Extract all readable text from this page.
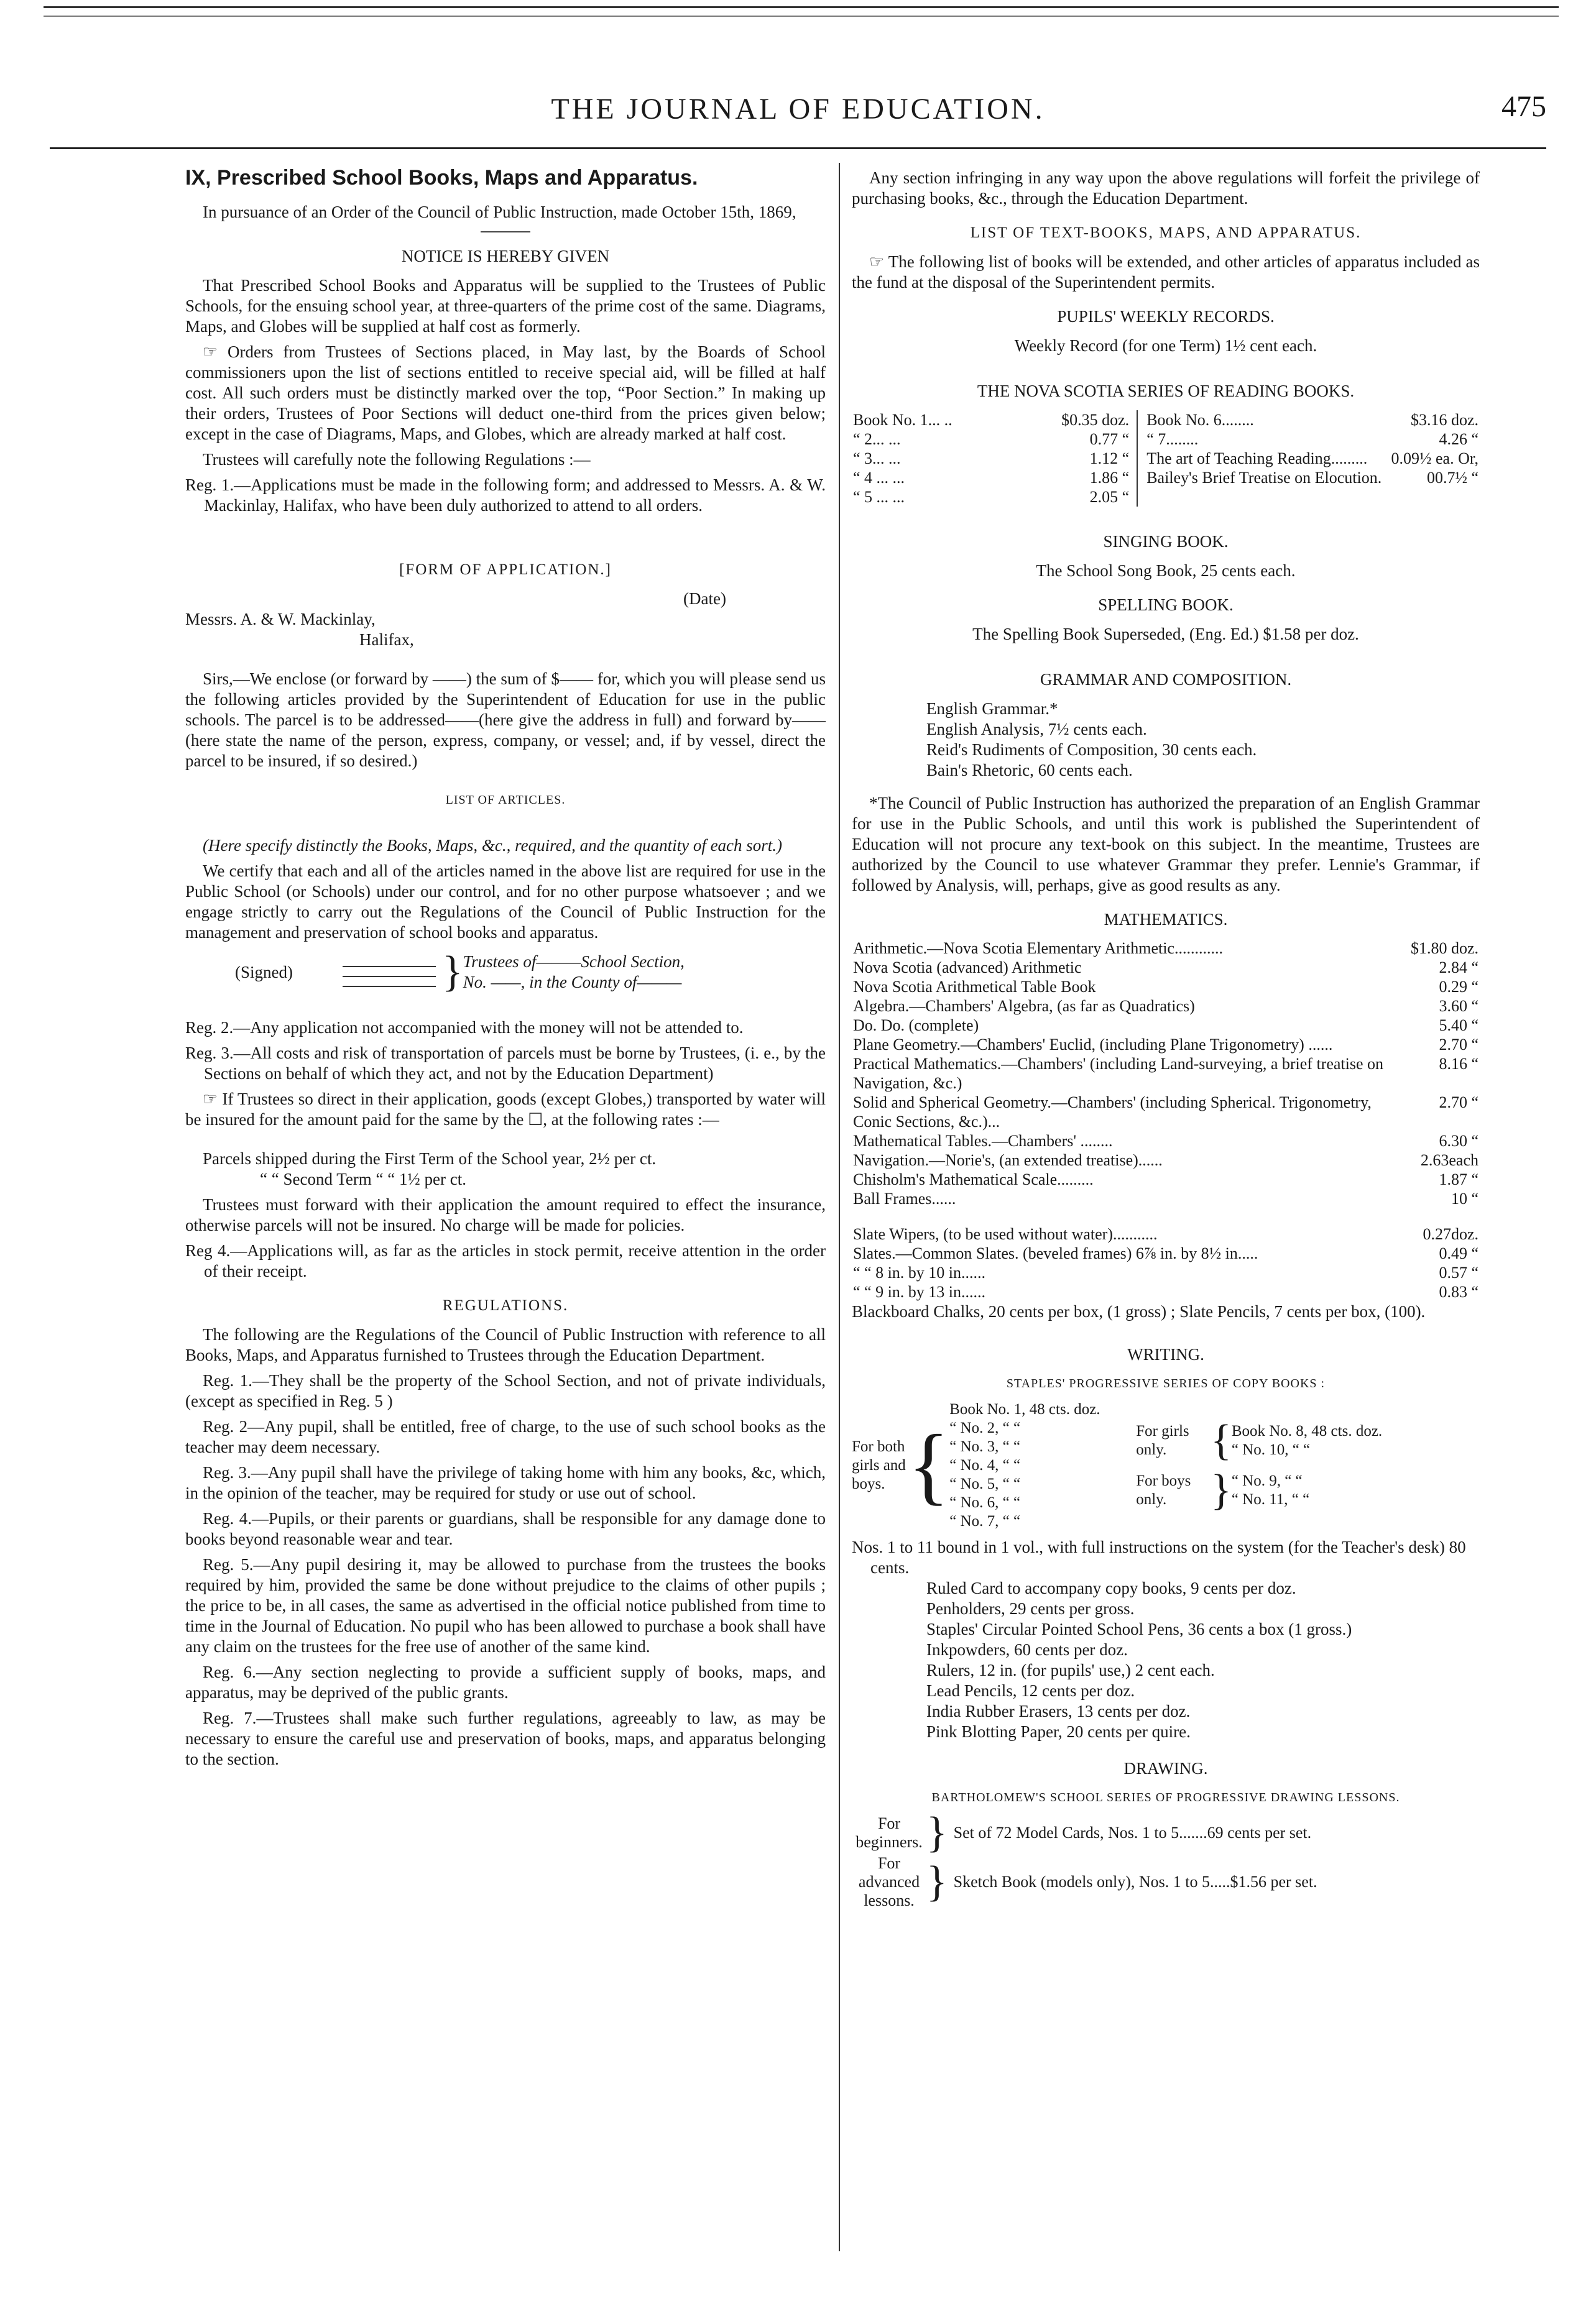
THE JOURNAL OF EDUCATION.	475
IX, Prescribed School Books, Maps and Apparatus.

In pursuance of an Order of the Council of Public Instruction, made October 15th, 1869,

NOTICE IS HEREBY GIVEN

That Prescribed School Books and Apparatus will be supplied to the Trustees of Public Schools, for the ensuing school year, at three-quarters of the prime cost of the same. Diagrams, Maps, and Globes will be supplied at half cost as formerly.

☞ Orders from Trustees of Sections placed, in May last, by the Boards of School commissioners upon the list of sections entitled to receive special aid, will be filled at half cost. All such orders must be distinctly marked over the top, “Poor Section.” In making up their orders, Trustees of Poor Sections will deduct one-third from the prices given below; except in the case of Diagrams, Maps, and Globes, which are already marked at half cost.

Trustees will carefully note the following Regulations :—

Reg. 1.—Applications must be made in the following form; and addressed to Messrs. A. & W. Mackinlay, Halifax, who have been duly authorized to attend to all orders.

[FORM OF APPLICATION.]
(Date)
Messrs. A. & W. Mackinlay,
Halifax,

Sirs,—We enclose (or forward by ——) the sum of $—— for, which you will please send us the following articles provided by the Superintendent of Education for use in the public schools. The parcel is to be addressed——(here give the address in full) and forward by——(here state the name of the person, express, company, or vessel; and, if by vessel, direct the parcel to be insured, if so desired.)

LIST OF ARTICLES.

(Here specify distinctly the Books, Maps, &c., required, and the quantity of each sort.)

We certify that each and all of the articles named in the above list are required for use in the Public School (or Schools) under our control, and for no other purpose whatsoever ; and we engage strictly to carry out the Regulations of the Council of Public Instruction for the management and preservation of school books and apparatus.

(Signed)	} Trustees of———School Section,
No. ——, in the County of———

Reg. 2.—Any application not accompanied with the money will not be attended to.

Reg. 3.—All costs and risk of transportation of parcels must be borne by Trustees, (i. e., by the Sections on behalf of which they act, and not by the Education Department)

☞ If Trustees so direct in their application, goods (except Globes,) transported by water will be insured for the amount paid for the same by the ☐, at the following rates :—

Parcels shipped during the First Term of the School year, 2½ per ct.

“ “ Second Term “ “ 1½ per ct.

Trustees must forward with their application the amount required to effect the insurance, otherwise parcels will not be insured. No charge will be made for policies.

Reg 4.—Applications will, as far as the articles in stock permit, receive attention in the order of their receipt.

REGULATIONS.

The following are the Regulations of the Council of Public Instruction with reference to all Books, Maps, and Apparatus furnished to Trustees through the Education Department.

Reg. 1.—They shall be the property of the School Section, and not of private individuals, (except as specified in Reg. 5 )

Reg. 2—Any pupil, shall be entitled, free of charge, to the use of such school books as the teacher may deem necessary.

Reg. 3.—Any pupil shall have the privilege of taking home with him any books, &c, which, in the opinion of the teacher, may be required for study or use out of school.

Reg. 4.—Pupils, or their parents or guardians, shall be responsible for any damage done to books beyond reasonable wear and tear.

Reg. 5.—Any pupil desiring it, may be allowed to purchase from the trustees the books required by him, provided the same be done without prejudice to the claims of other pupils ; the price to be, in all cases, the same as advertised in the official notice published from time to time in the Journal of Education. No pupil who has been allowed to purchase a book shall have any claim on the trustees for the free use of another of the same kind.

Reg. 6.—Any section neglecting to provide a sufficient supply of books, maps, and apparatus, may be deprived of the public grants.

Reg. 7.—Trustees shall make such further regulations, agreeably to law, as may be necessary to ensure the careful use and preservation of books, maps, and apparatus belonging to the section.

Any section infringing in any way upon the above regulations will forfeit the privilege of purchasing books, &c., through the Education Department.

LIST OF TEXT-BOOKS, MAPS, AND APPARATUS.

☞ The following list of books will be extended, and other articles of apparatus included as the fund at the disposal of the Superintendent permits.

PUPILS' WEEKLY RECORDS.
Weekly Record (for one Term) 1½ cent each.
THE NOVA SCOTIA SERIES OF READING BOOKS.
Book No. 1... ..	$0.35 doz.
“ 2... ...	0.77 “
“ 3... ...	1.12 “
“ 4 ... ...	1.86 “
“ 5 ... ...	2.05 “
Book No. 6........	$3.16 doz.
“ 7........	4.26 “
The art of Teaching Reading.........	0.09½ ea. Or,
Bailey's Brief Treatise on Elocution.	00.7½ “
SINGING BOOK.
The School Song Book, 25 cents each.
SPELLING BOOK.
The Spelling Book Superseded, (Eng. Ed.) $1.58 per doz.
GRAMMAR AND COMPOSITION.
English Grammar.*
English Analysis, 7½ cents each.
Reid's Rudiments of Composition, 30 cents each.
Bain's Rhetoric, 60 cents each.

*The Council of Public Instruction has authorized the preparation of an English Grammar for use in the Public Schools, and until this work is published the Superintendent of Education will not procure any text-book on this subject. In the meantime, Trustees are authorized by the Council to use whatever Grammar they prefer. Lennie's Grammar, if followed by Analysis, will, perhaps, give as good results as any.

MATHEMATICS.
Arithmetic.—Nova Scotia Elementary Arithmetic............	$1.80 doz.
Nova Scotia (advanced) Arithmetic	2.84 “
Nova Scotia Arithmetical Table Book	0.29 “
Algebra.—Chambers' Algebra, (as far as Quadratics)	3.60 “
Do. Do. (complete)	5.40 “
Plane Geometry.—Chambers' Euclid, (including Plane Trigonometry) ......	2.70 “
Practical Mathematics.—Chambers' (including Land-surveying, a brief treatise on Navigation, &c.)	8.16 “
Solid and Spherical Geometry.—Chambers' (including Spherical. Trigonometry, Conic Sections, &c.)...	2.70 “
Mathematical Tables.—Chambers' ........	6.30 “
Navigation.—Norie's, (an extended treatise)......	2.63each
Chisholm's Mathematical Scale.........	1.87 “
Ball Frames......	10 “
Slate Wipers, (to be used without water)...........	0.27doz.
Slates.—Common Slates. (beveled frames) 6⅞ in. by 8½ in.....	0.49 “
“ “ 8 in. by 10 in......	0.57 “
“ “ 9 in. by 13 in......	0.83 “

Blackboard Chalks, 20 cents per box, (1 gross) ; Slate Pencils, 7 cents per box, (100).

WRITING.
STAPLES' PROGRESSIVE SERIES OF COPY BOOKS :
For both girls and boys. {
Book No. 1, 48 cts. doz.
“ No. 2, “ “
“ No. 3, “ “
“ No. 4, “ “
“ No. 5, “ “
“ No. 6, “ “
“ No. 7, “ “
For girls only.	{ Book No. 8, 48 cts. doz.
“ No. 10, “ “
For boys only.	} “ No. 9, “ “
“ No. 11, “ “
Nos. 1 to 11 bound in 1 vol., with full instructions on the system (for the Teacher's desk) 80 cents.
Ruled Card to accompany copy books, 9 cents per doz.
Penholders, 29 cents per gross.
Staples' Circular Pointed School Pens, 36 cents a box (1 gross.)
Inkpowders, 60 cents per doz.
Rulers, 12 in. (for pupils' use,) 2 cent each.
Lead Pencils, 12 cents per doz.
India Rubber Erasers, 13 cents per doz.
Pink Blotting Paper, 20 cents per quire.
DRAWING.
BARTHOLOMEW'S SCHOOL SERIES OF PROGRESSIVE DRAWING LESSONS.
For beginners. } Set of 72 Model Cards, Nos. 1 to 5.......69 cents per set.
For advanced lessons. } Sketch Book (models only), Nos. 1 to 5.....$1.56 per set.
